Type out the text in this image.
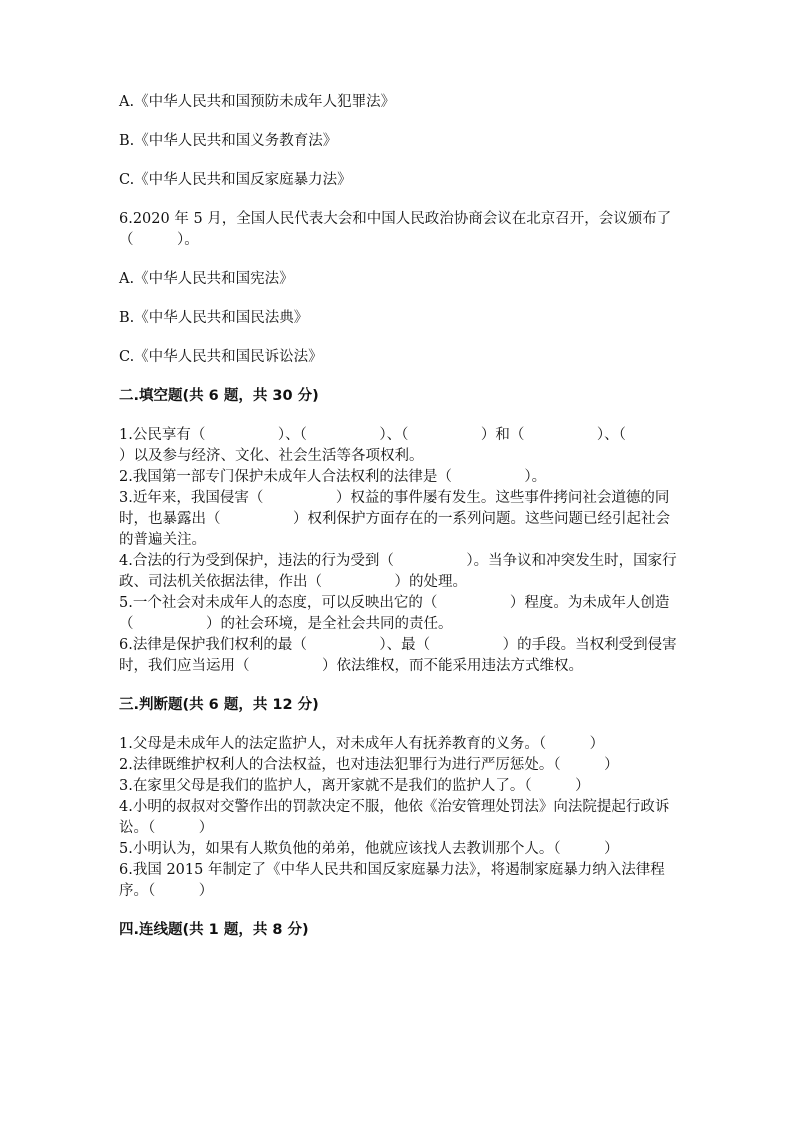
A.《中华人民共和国预防未成年人犯罪法》

B.《中华人民共和国义务教育法》

C.《中华人民共和国反家庭暴力法》

6.2020 年 5 月，全国人民代表大会和中国人民政治协商会议在北京召开，会议颁布了（　　　）。

A.《中华人民共和国宪法》

B.《中华人民共和国民法典》

C.《中华人民共和国民诉讼法》

二.填空题(共 6 题，共 30 分)

1.公民享有（　　　　　）、（　　　　　）、（　　　　　）和（　　　　　）、（　　　　　）以及参与经济、文化、社会生活等各项权利。

2.我国第一部专门保护未成年人合法权利的法律是（　　　　　）。

3.近年来，我国侵害（　　　　　）权益的事件屡有发生。这些事件拷问社会道德的同时，也暴露出（　　　　　）权利保护方面存在的一系列问题。这些问题已经引起社会的普遍关注。

4.合法的行为受到保护，违法的行为受到（　　　　　）。当争议和冲突发生时，国家行政、司法机关依据法律，作出（　　　　　）的处理。

5.一个社会对未成年人的态度，可以反映出它的（　　　　　）程度。为未成年人创造（　　　　　）的社会环境，是全社会共同的责任。

6.法律是保护我们权利的最（　　　　　）、最（　　　　　）的手段。当权利受到侵害时，我们应当运用（　　　　　）依法维权，而不能采用违法方式维权。

三.判断题(共 6 题，共 12 分)

1.父母是未成年人的法定监护人，对未成年人有抚养教育的义务。（　　　）

2.法律既维护权利人的合法权益，也对违法犯罪行为进行严厉惩处。（　　　）

3.在家里父母是我们的监护人，离开家就不是我们的监护人了。（　　　）

4.小明的叔叔对交警作出的罚款决定不服，他依《治安管理处罚法》向法院提起行政诉讼。（　　　）

5.小明认为，如果有人欺负他的弟弟，他就应该找人去教训那个人。（　　　）

6.我国 2015 年制定了《中华人民共和国反家庭暴力法》，将遏制家庭暴力纳入法律程序。（　　　）

四.连线题(共 1 题，共 8 分)
